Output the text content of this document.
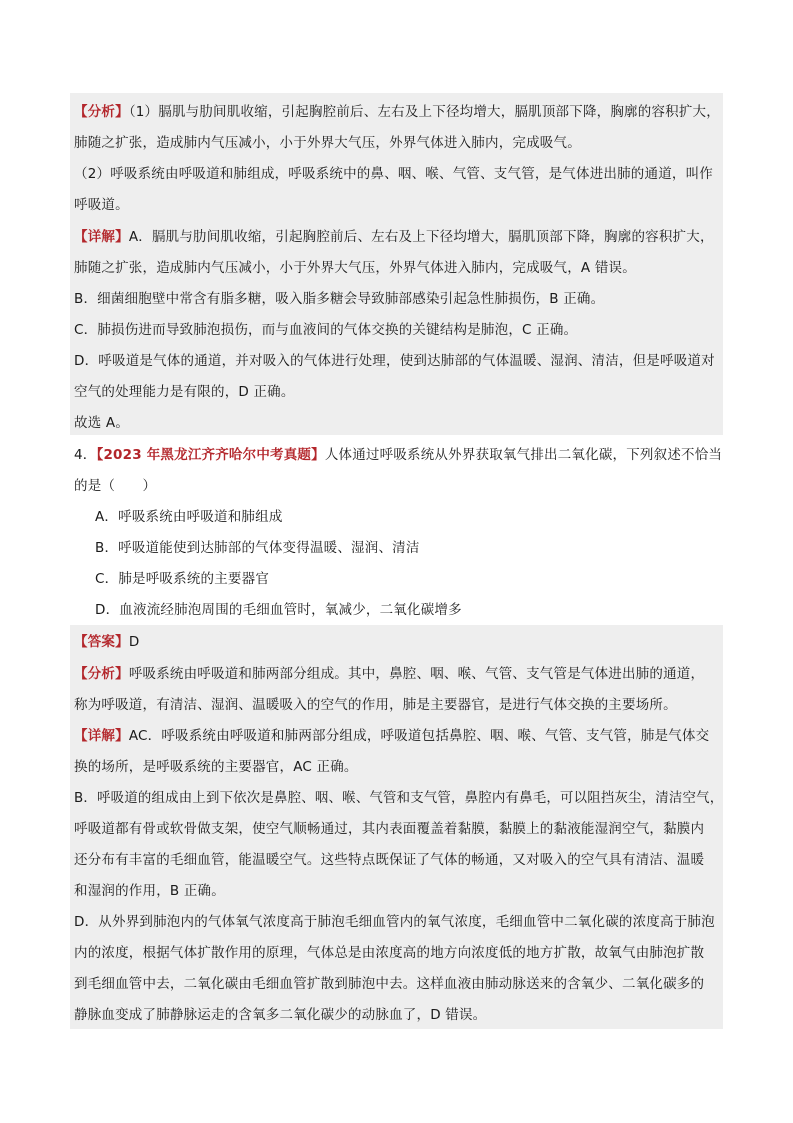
【分析】（1）膈肌与肋间肌收缩，引起胸腔前后、左右及上下径均增大，膈肌顶部下降，胸廓的容积扩大，
肺随之扩张，造成肺内气压减小，小于外界大气压，外界气体进入肺内，完成吸气。
（2）呼吸系统由呼吸道和肺组成，呼吸系统中的鼻、咽、喉、气管、支气管，是气体进出肺的通道，叫作
呼吸道。
【详解】A．膈肌与肋间肌收缩，引起胸腔前后、左右及上下径均增大，膈肌顶部下降，胸廓的容积扩大，
肺随之扩张，造成肺内气压减小，小于外界大气压，外界气体进入肺内，完成吸气，A 错误。
B．细菌细胞壁中常含有脂多糖，吸入脂多糖会导致肺部感染引起急性肺损伤，B 正确。
C．肺损伤进而导致肺泡损伤，而与血液间的气体交换的关键结构是肺泡，C 正确。
D．呼吸道是气体的通道，并对吸入的气体进行处理，使到达肺部的气体温暖、湿润、清洁，但是呼吸道对
空气的处理能力是有限的，D 正确。
故选 A。
4．【2023 年黑龙江齐齐哈尔中考真题】人体通过呼吸系统从外界获取氧气排出二氧化碳，下列叙述不恰当
的是（　　）
A．呼吸系统由呼吸道和肺组成
B．呼吸道能使到达肺部的气体变得温暖、湿润、清洁
C．肺是呼吸系统的主要器官
D．血液流经肺泡周围的毛细血管时，氧减少，二氧化碳增多
【答案】D
【分析】呼吸系统由呼吸道和肺两部分组成。其中，鼻腔、咽、喉、气管、支气管是气体进出肺的通道，
称为呼吸道，有清洁、湿润、温暖吸入的空气的作用，肺是主要器官，是进行气体交换的主要场所。
【详解】AC．呼吸系统由呼吸道和肺两部分组成，呼吸道包括鼻腔、咽、喉、气管、支气管，肺是气体交
换的场所，是呼吸系统的主要器官，AC 正确。
B．呼吸道的组成由上到下依次是鼻腔、咽、喉、气管和支气管，鼻腔内有鼻毛，可以阻挡灰尘，清洁空气，
呼吸道都有骨或软骨做支架，使空气顺畅通过，其内表面覆盖着黏膜，黏膜上的黏液能湿润空气，黏膜内
还分布有丰富的毛细血管，能温暖空气。这些特点既保证了气体的畅通，又对吸入的空气具有清洁、温暖
和湿润的作用，B 正确。
D．从外界到肺泡内的气体氧气浓度高于肺泡毛细血管内的氧气浓度，毛细血管中二氧化碳的浓度高于肺泡
内的浓度，根据气体扩散作用的原理，气体总是由浓度高的地方向浓度低的地方扩散，故氧气由肺泡扩散
到毛细血管中去，二氧化碳由毛细血管扩散到肺泡中去。这样血液由肺动脉送来的含氧少、二氧化碳多的
静脉血变成了肺静脉运走的含氧多二氧化碳少的动脉血了，D 错误。
